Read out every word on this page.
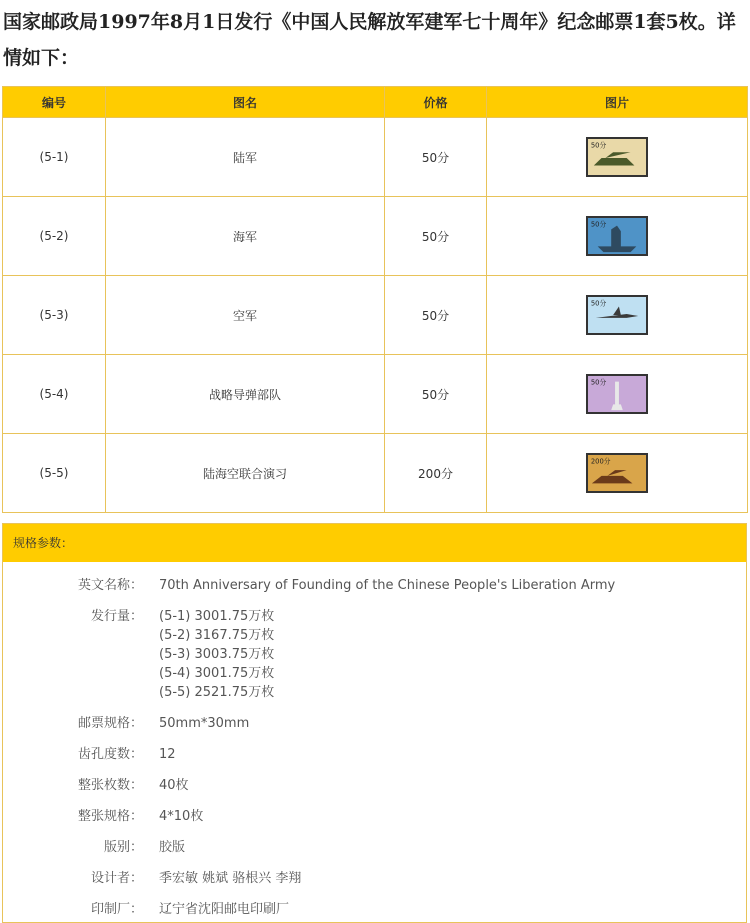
国家邮政局1997年8月1日发行《中国人民解放军建军七十周年》纪念邮票1套5枚。详情如下：

编号	图名	价格	图片
(5-1)	陆军	50分	50分

(5-2)	海军	50分	50分

(5-3)	空军	50分	50分

(5-4)	战略导弹部队	50分	50分

(5-5)	陆海空联合演习	200分	200分
规格参数：
英文名称：	70th Anniversary of Founding of the Chinese People's Liberation Army
发行量：	(5-1) 3001.75万枚
(5-2) 3167.75万枚
(5-3) 3003.75万枚
(5-4) 3001.75万枚
(5-5) 2521.75万枚
邮票规格：	50mm*30mm
齿孔度数：	12
整张枚数：	40枚
整张规格：	4*10枚
版别：	胶版
设计者：	季宏敏 姚斌 骆根兴 李翔
印制厂：	辽宁省沈阳邮电印刷厂
